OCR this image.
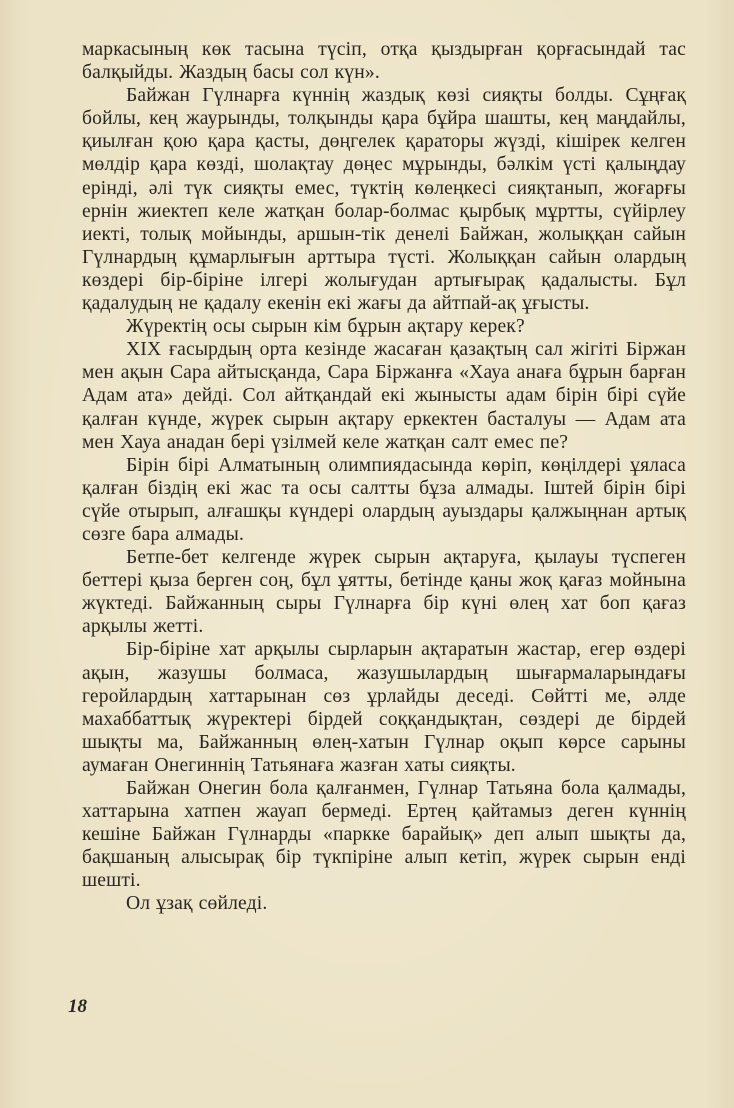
маркасының көк тасына түсіп, отқа қыздырған қорғасындай тас балқыйды. Жаздың басы сол күн».

Байжан Гүлнарға күннің жаздық көзі сияқты болды. Сұңғақ бойлы, кең жаурынды, толқынды қара бұйра шашты, кең маңдайлы, қиылған қою қара қасты, дөңгелек қараторы жүзді, кішірек келген мөлдір қара көзді, шолақтау дөңес мұрынды, бәлкім үсті қалыңдау ерінді, әлі түк сияқты емес, түктің көлеңкесі сияқтанып, жоғарғы ернін жиектеп келе жатқан болар-болмас қырбық мұртты, сүйірлеу иекті, толық мойынды, аршын-тік денелі Байжан, жолыққан сайын Гүлнардың құмарлығын арттыра түсті. Жолыққан сайын олардың көздері бір-біріне ілгері жолығудан артығырақ қадалысты. Бұл қадалудың не қадалу екенін екі жағы да айтпай-ақ ұғысты.

Жүректің осы сырын кім бұрын ақтару керек?

XIX ғасырдың орта кезінде жасаған қазақтың сал жігіті Біржан мен ақын Сара айтысқанда, Сара Біржанға «Хауа анаға бұрын барған Адам ата» дейді. Сол айтқандай екі жынысты адам бірін бірі сүйе қалған күнде, жүрек сырын ақтару еркектен басталуы — Адам ата мен Хауа анадан бері үзілмей келе жатқан салт емес пе?

Бірін бірі Алматының олимпиядасында көріп, көңілдері ұяласа қалған біздің екі жас та осы салтты бұза алмады. Іштей бірін бірі сүйе отырып, алғашқы күндері олардың ауыздары қалжыңнан артық сөзге бара алмады.

Бетпе-бет келгенде жүрек сырын ақтаруға, қылауы түспеген беттері қыза берген соң, бұл ұятты, бетінде қаны жоқ қағаз мойнына жүктеді. Байжанның сыры Гүлнарға бір күні өлең хат боп қағаз арқылы жетті.

Бір-біріне хат арқылы сырларын ақтаратын жастар, егер өздері ақын, жазушы болмаса, жазушылардың шығармаларындағы геройлардың хаттарынан сөз ұрлайды деседі. Сөйтті ме, әлде махаббаттық жүректері бірдей соққандықтан, сөздері де бірдей шықты ма, Байжанның өлең-хатын Гүлнар оқып көрсе сарыны аумаған Онегиннің Татьянаға жазған хаты сияқты.

Байжан Онегин бола қалғанмен, Гүлнар Татьяна бола қалмады, хаттарына хатпен жауап бермеді. Ертең қайтамыз деген күннің кешіне Байжан Гүлнарды «паркке барайық» деп алып шықты да, бақшаның алысырақ бір түкпіріне алып кетіп, жүрек сырын енді шешті.

Ол ұзақ сөйледі.

18
